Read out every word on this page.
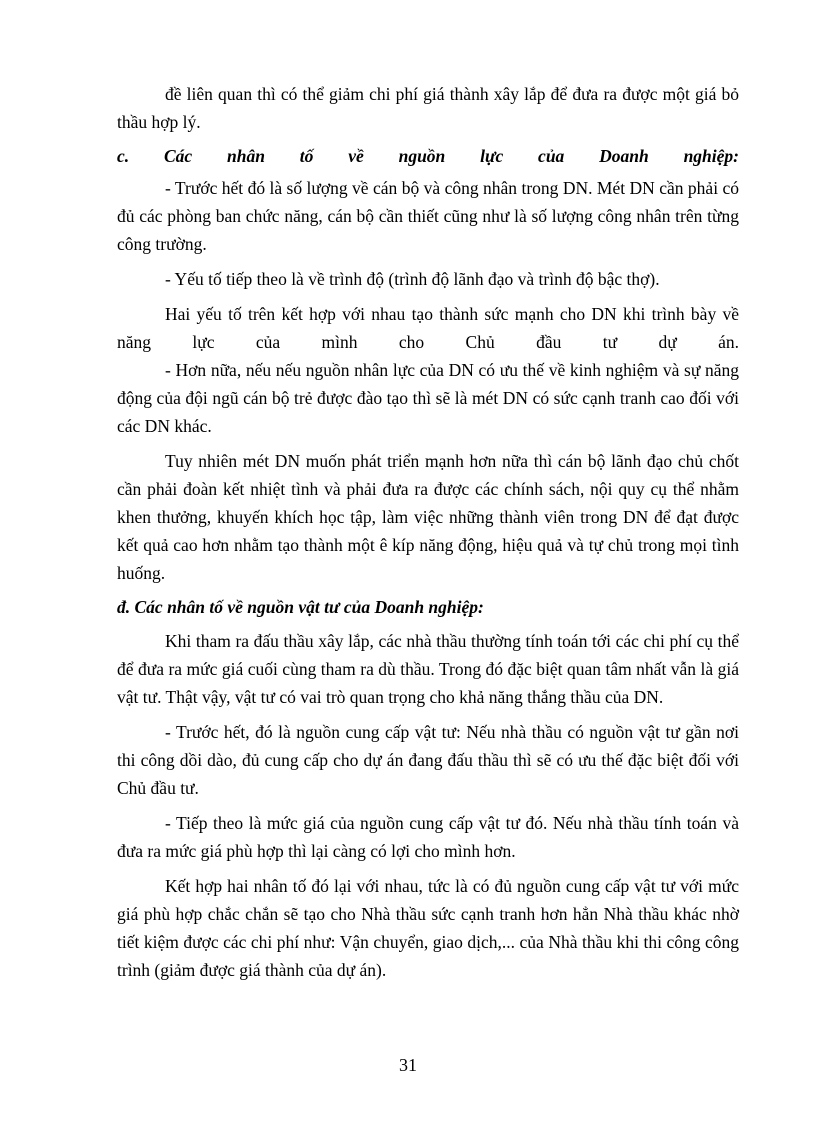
đề liên quan thì có thể giảm chi phí giá thành xây lắp để đưa ra được một giá bỏ thầu hợp lý.

c. Các nhân tố về nguồn lực của Doanh nghiệp:

- Trước hết đó là số lượng về cán bộ và công nhân trong DN. Mét DN cần phải có đủ các phòng ban chức năng, cán bộ cần thiết cũng như là số lượng công nhân trên từng công trường.

- Yếu tố tiếp theo là về trình độ (trình độ lãnh đạo và trình độ bậc thợ).

Hai yếu tố trên kết hợp với nhau tạo thành sức mạnh cho DN khi trình bày về năng lực của mình cho Chủ đầu tư dự án.

- Hơn nữa, nếu nếu nguồn nhân lực của DN có ưu thế về kinh nghiệm và sự năng động của đội ngũ cán bộ trẻ được đào tạo thì sẽ là mét DN có sức cạnh tranh cao đối với các DN khác.

Tuy nhiên mét DN muốn phát triển mạnh hơn nữa thì cán bộ lãnh đạo chủ chốt cần phải đoàn kết nhiệt tình và phải đưa ra được các chính sách, nội quy cụ thể nhằm khen thưởng, khuyến khích học tập, làm việc những thành viên trong DN để đạt được kết quả cao hơn nhằm tạo thành một ê kíp năng động, hiệu quả và tự chủ trong mọi tình huống.

đ. Các nhân tố về nguồn vật tư của Doanh nghiệp:

Khi tham ra đấu thầu xây lắp, các nhà thầu thường tính toán tới các chi phí cụ thể để đưa ra mức giá cuối cùng tham ra dù thầu. Trong đó đặc biệt quan tâm nhất vẫn là giá vật tư. Thật vậy, vật tư có vai trò quan trọng cho khả năng thắng thầu của DN.

- Trước hết, đó là nguồn cung cấp vật tư: Nếu nhà thầu có nguồn vật tư gần nơi thi công dồi dào, đủ cung cấp cho dự án đang đấu thầu thì sẽ có ưu thế đặc biệt đối với Chủ đầu tư.

- Tiếp theo là mức giá của nguồn cung cấp vật tư đó. Nếu nhà thầu tính toán và đưa ra mức giá phù hợp thì lại càng có lợi cho mình hơn.

Kết hợp hai nhân tố đó lại với nhau, tức là có đủ nguồn cung cấp vật tư với mức giá phù hợp chắc chắn sẽ tạo cho Nhà thầu sức cạnh tranh hơn hẳn Nhà thầu khác nhờ tiết kiệm được các chi phí như: Vận chuyển, giao dịch,... của Nhà thầu khi thi công công trình (giảm được giá thành của dự án).

31
